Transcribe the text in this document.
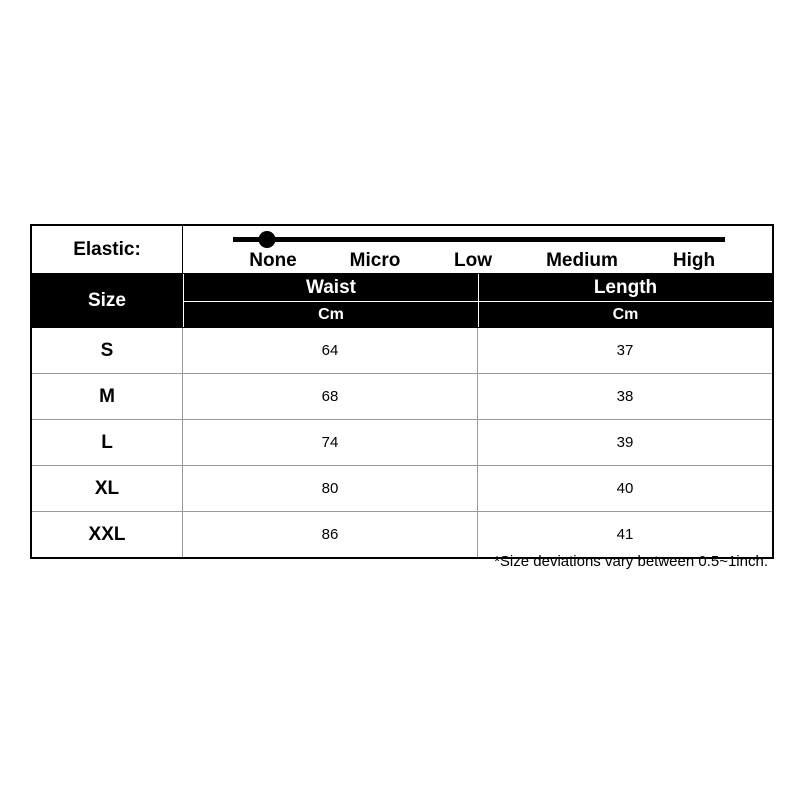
Elastic:
None	Micro	Low	Medium	High
Size
Waist
Cm
Length
Cm
S	64	37
M	68	38
L	74	39
XL	80	40
XXL	86	41
*Size deviations vary between 0.5~1inch.
